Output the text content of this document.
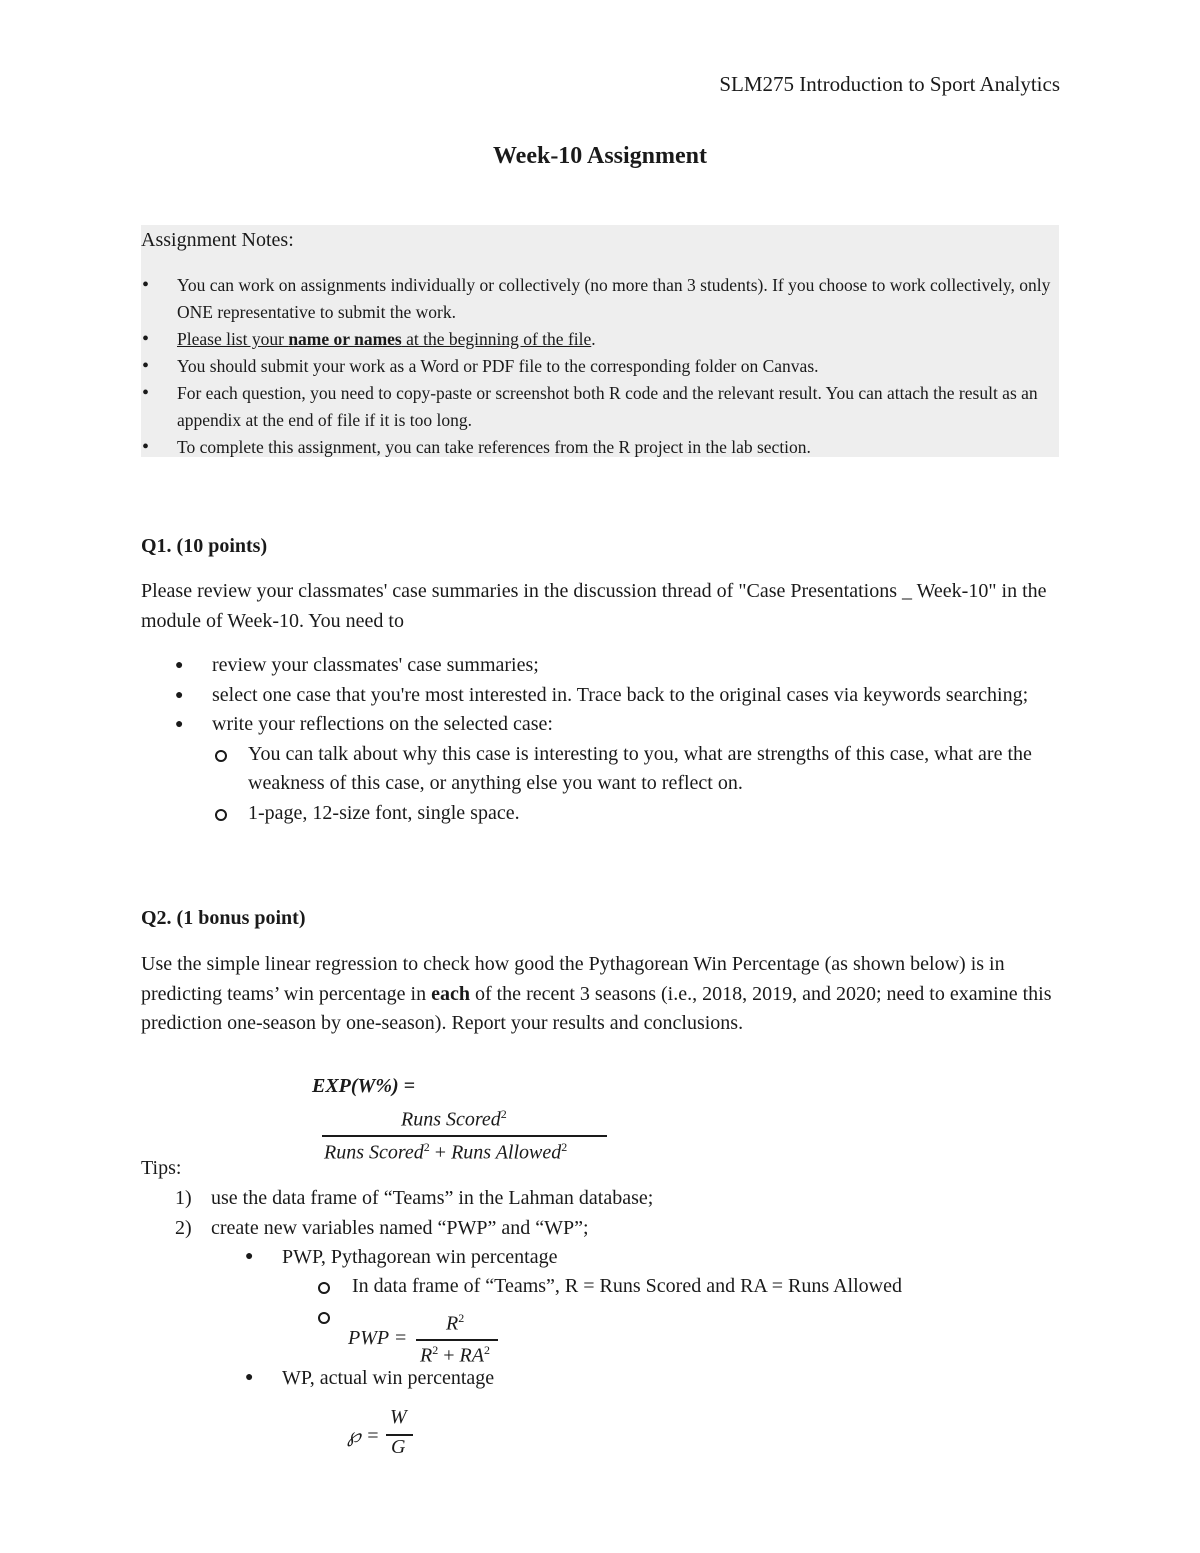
SLM275 Introduction to Sport Analytics
Week-10 Assignment
Assignment Notes:
• You can work on assignments individually or collectively (no more than 3 students). If you choose to work collectively, only ONE representative to submit the work.
• Please list your name or names at the beginning of the file.
• You should submit your work as a Word or PDF file to the corresponding folder on Canvas.
• For each question, you need to copy-paste or screenshot both R code and the relevant result. You can attach the result as an appendix at the end of file if it is too long.
• To complete this assignment, you can take references from the R project in the lab section.
Q1. (10 points)
Please review your classmates' case summaries in the discussion thread of "Case Presentations _ Week-10" in the module of Week-10. You need to
● review your classmates' case summaries;
● select one case that you're most interested in. Trace back to the original cases via keywords searching;
● write your reflections on the selected case:
You can talk about why this case is interesting to you, what are strengths of this case, what are the weakness of this case, or anything else you want to reflect on.
1-page, 12-size font, single space.
Q2. (1 bonus point)
Use the simple linear regression to check how good the Pythagorean Win Percentage (as shown below) is in predicting teams’ win percentage in each of the recent 3 seasons (i.e., 2018, 2019, and 2020; need to examine this prediction one-season by one-season). Report your results and conclusions.
EXP(W%) =
Runs Scored$^2$
Runs Scored$^2$ + Runs Allowed$^2$
Tips:
1) use the data frame of “Teams” in the Lahman database;
2) create new variables named “PWP” and “WP”;
● PWP, Pythagorean win percentage
In data frame of “Teams”, R = Runs Scored and RA = Runs Allowed
PWP =
$R^2$
$R^2 + RA^2$
● WP, actual win percentage
℘ =
W
G
